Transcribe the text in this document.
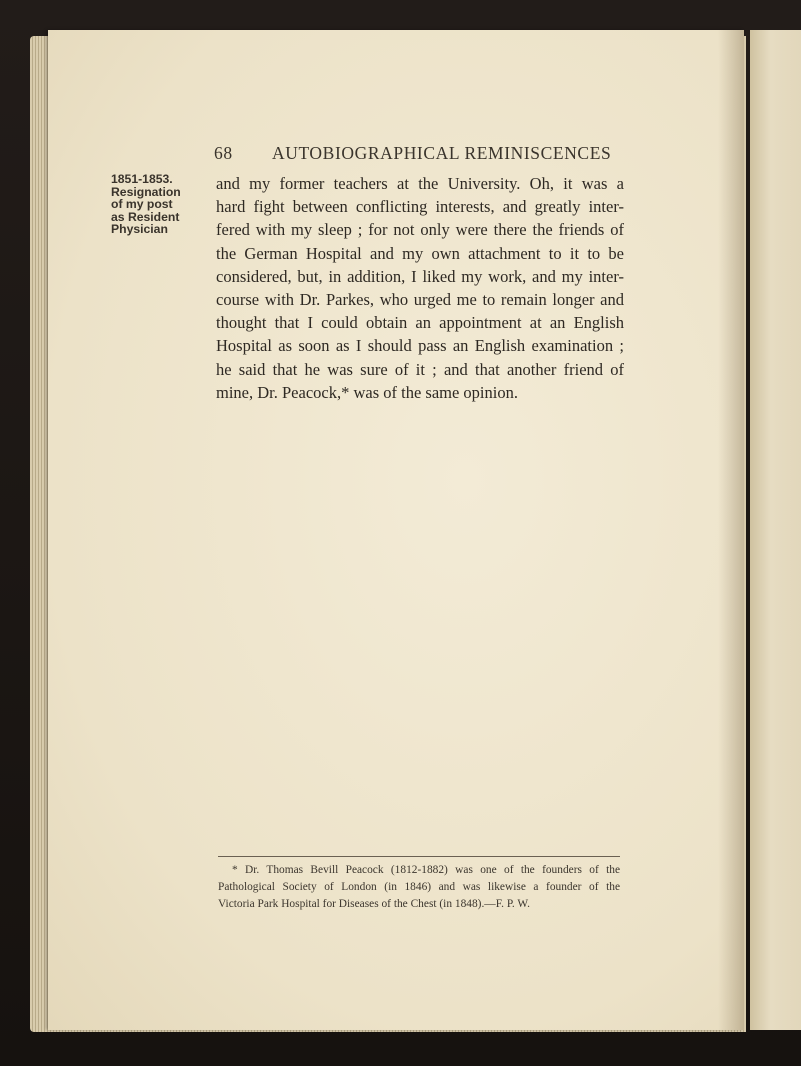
68 AUTOBIOGRAPHICAL REMINISCENCES
1851-1853.
Resignation
of my post
as Resident
Physician
and my former teachers at the University. Oh, it was a
hard fight between conflicting interests, and greatly inter-
fered with my sleep ; for not only were there the friends of
the German Hospital and my own attachment to it to be
considered, but, in addition, I liked my work, and my inter-
course with Dr. Parkes, who urged me to remain longer and
thought that I could obtain an appointment at an English
Hospital as soon as I should pass an English examination ;
he said that he was sure of it ; and that another friend of
mine, Dr. Peacock,* was of the same opinion.
* Dr. Thomas Bevill Peacock (1812-1882) was one of the founders of the
Pathological Society of London (in 1846) and was likewise a founder of the
Victoria Park Hospital for Diseases of the Chest (in 1848).—F. P. W.
